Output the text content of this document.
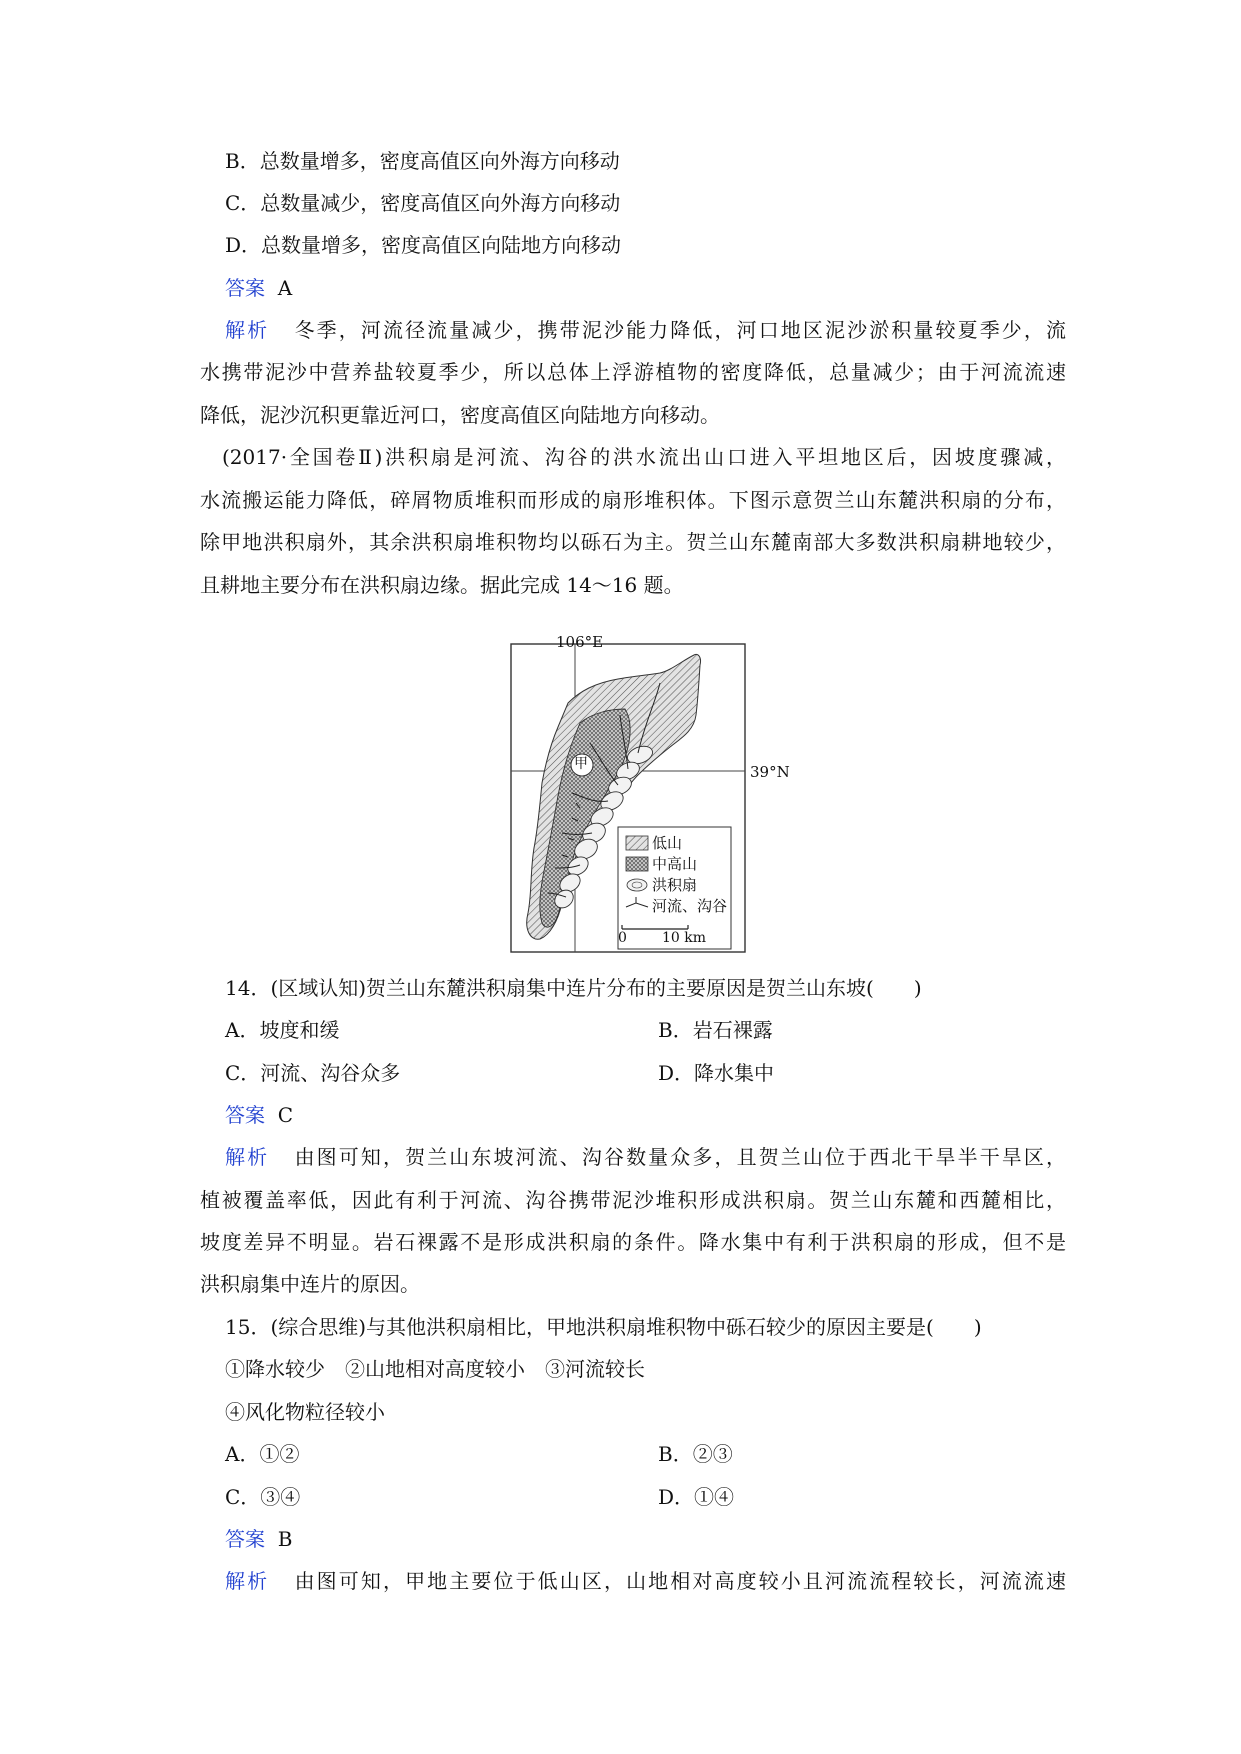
B．总数量增多，密度高值区向外海方向移动
C．总数量减少，密度高值区向外海方向移动
D．总数量增多，密度高值区向陆地方向移动
答案 A
解析 冬季，河流径流量减少，携带泥沙能力降低，河口地区泥沙淤积量较夏季少，流
水携带泥沙中营养盐较夏季少，所以总体上浮游植物的密度降低，总量减少；由于河流流速
降低，泥沙沉积更靠近河口，密度高值区向陆地方向移动。
(2017·全国卷Ⅱ)洪积扇是河流、沟谷的洪水流出山口进入平坦地区后，因坡度骤减，
水流搬运能力降低，碎屑物质堆积而形成的扇形堆积体。下图示意贺兰山东麓洪积扇的分布，
除甲地洪积扇外，其余洪积扇堆积物均以砾石为主。贺兰山东麓南部大多数洪积扇耕地较少，
且耕地主要分布在洪积扇边缘。据此完成 14～16 题。
106°E
39°N
甲
低山
中高山
洪积扇
河流、沟谷
0	10 km
14．(区域认知)贺兰山东麓洪积扇集中连片分布的主要原因是贺兰山东坡(　　)
A．坡度和缓	B．岩石裸露
C．河流、沟谷众多	D．降水集中
答案 C
解析 由图可知，贺兰山东坡河流、沟谷数量众多，且贺兰山位于西北干旱半干旱区，
植被覆盖率低，因此有利于河流、沟谷携带泥沙堆积形成洪积扇。贺兰山东麓和西麓相比，
坡度差异不明显。岩石裸露不是形成洪积扇的条件。降水集中有利于洪积扇的形成，但不是
洪积扇集中连片的原因。
15．(综合思维)与其他洪积扇相比，甲地洪积扇堆积物中砾石较少的原因主要是(　　)
①降水较少　②山地相对高度较小　③河流较长
④风化物粒径较小
A．①②	B．②③
C．③④	D．①④
答案 B
解析 由图可知，甲地主要位于低山区，山地相对高度较小且河流流程较长，河流流速
